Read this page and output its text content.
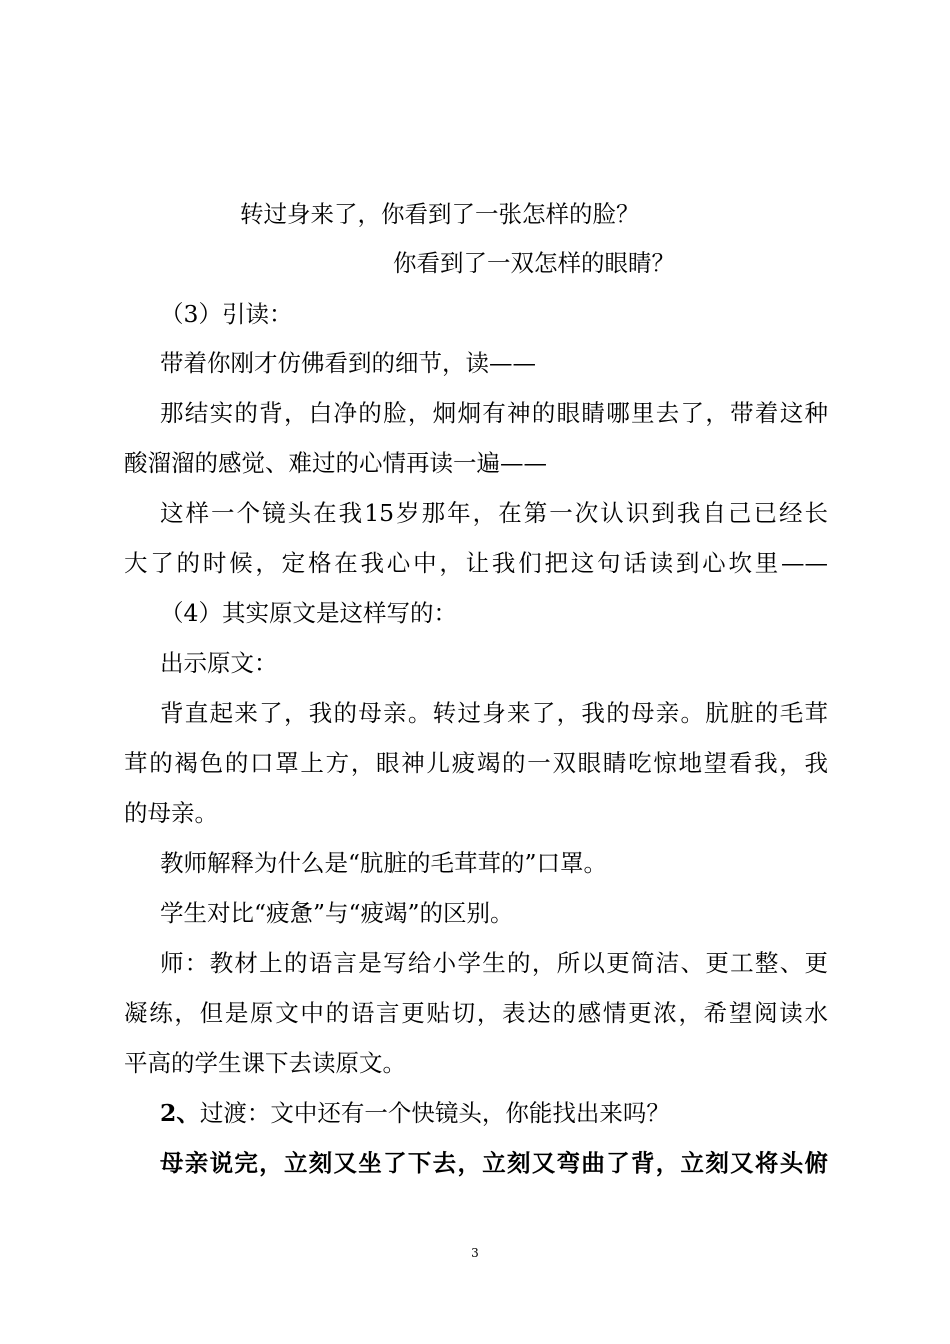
转过身来了，你看到了一张怎样的脸？

你看到了一双怎样的眼睛？

（3）引读：

带着你刚才仿佛看到的细节，读——

那结实的背，白净的脸，炯炯有神的眼睛哪里去了，带着这种

酸溜溜的感觉、难过的心情再读一遍——

这样一个镜头在我15岁那年，在第一次认识到我自己已经长

大了的时候，定格在我心中，让我们把这句话读到心坎里——

（4）其实原文是这样写的：

出示原文：

背直起来了，我的母亲。转过身来了，我的母亲。肮脏的毛茸

茸的褐色的口罩上方，眼神儿疲竭的一双眼睛吃惊地望看我，我

的母亲。

教师解释为什么是“肮脏的毛茸茸的”口罩。

学生对比“疲惫”与“疲竭”的区别。

师：教材上的语言是写给小学生的，所以更简洁、更工整、更

凝练，但是原文中的语言更贴切，表达的感情更浓，希望阅读水

平高的学生课下去读原文。

2、过渡：文中还有一个快镜头，你能找出来吗？

母亲说完，立刻又坐了下去，立刻又弯曲了背，立刻又将头俯

3
